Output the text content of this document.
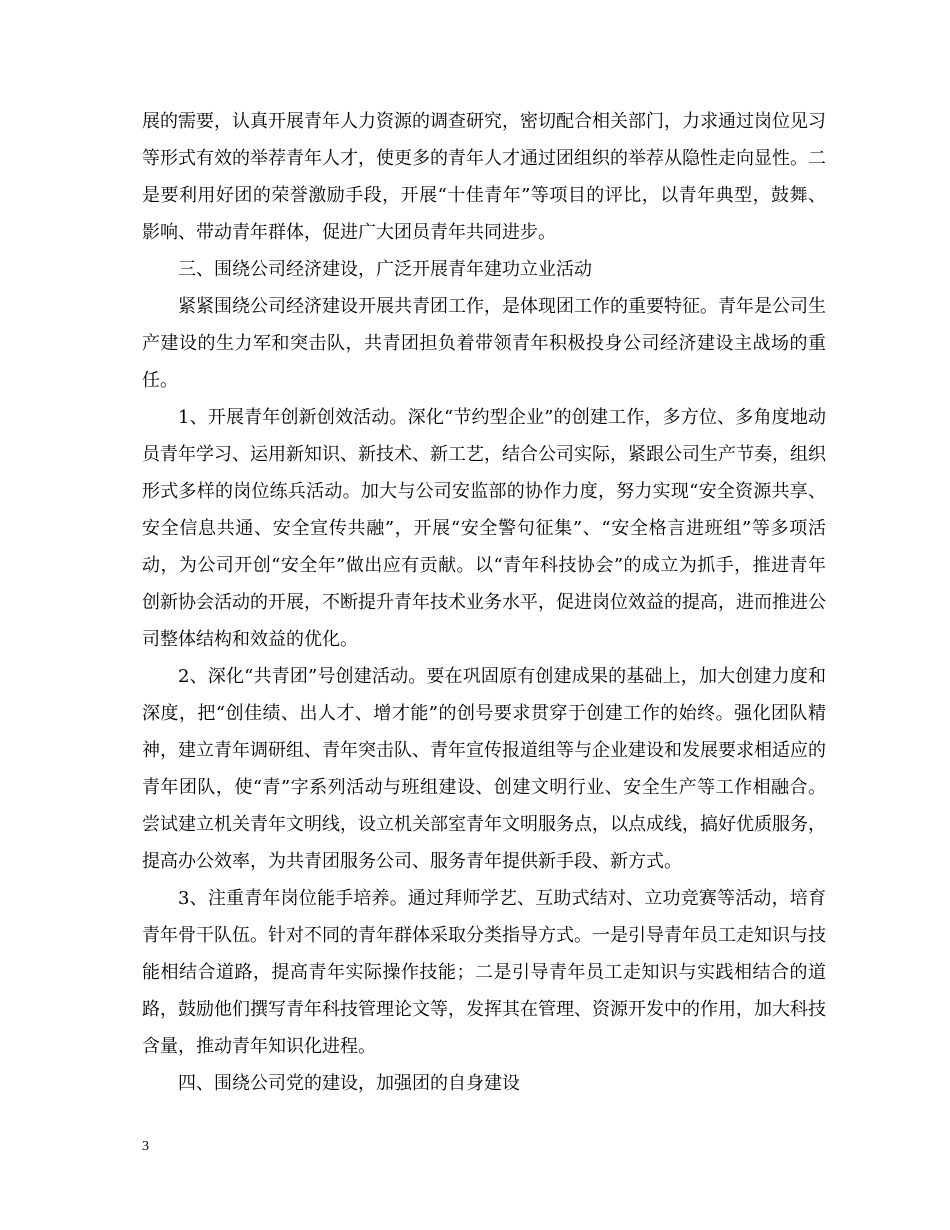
展的需要，认真开展青年人力资源的调查研究，密切配合相关部门，力求通过岗位见习等形式有效的举荐青年人才，使更多的青年人才通过团组织的举荐从隐性走向显性。二是要利用好团的荣誉激励手段，开展“十佳青年”等项目的评比，以青年典型，鼓舞、影响、带动青年群体，促进广大团员青年共同进步。

三、围绕公司经济建设，广泛开展青年建功立业活动

紧紧围绕公司经济建设开展共青团工作，是体现团工作的重要特征。青年是公司生产建设的生力军和突击队，共青团担负着带领青年积极投身公司经济建设主战场的重任。

1、开展青年创新创效活动。深化“节约型企业”的创建工作，多方位、多角度地动员青年学习、运用新知识、新技术、新工艺，结合公司实际，紧跟公司生产节奏，组织形式多样的岗位练兵活动。加大与公司安监部的协作力度，努力实现“安全资源共享、安全信息共通、安全宣传共融”，开展“安全警句征集”、“安全格言进班组”等多项活动，为公司开创“安全年”做出应有贡献。以“青年科技协会”的成立为抓手，推进青年创新协会活动的开展，不断提升青年技术业务水平，促进岗位效益的提高，进而推进公司整体结构和效益的优化。

2、深化“共青团”号创建活动。要在巩固原有创建成果的基础上，加大创建力度和深度，把“创佳绩、出人才、增才能”的创号要求贯穿于创建工作的始终。强化团队精神，建立青年调研组、青年突击队、青年宣传报道组等与企业建设和发展要求相适应的青年团队，使“青”字系列活动与班组建设、创建文明行业、安全生产等工作相融合。尝试建立机关青年文明线，设立机关部室青年文明服务点，以点成线，搞好优质服务，提高办公效率，为共青团服务公司、服务青年提供新手段、新方式。

3、注重青年岗位能手培养。通过拜师学艺、互助式结对、立功竞赛等活动，培育青年骨干队伍。针对不同的青年群体采取分类指导方式。一是引导青年员工走知识与技能相结合道路，提高青年实际操作技能；二是引导青年员工走知识与实践相结合的道路，鼓励他们撰写青年科技管理论文等，发挥其在管理、资源开发中的作用，加大科技含量，推动青年知识化进程。

四、围绕公司党的建设，加强团的自身建设

3
